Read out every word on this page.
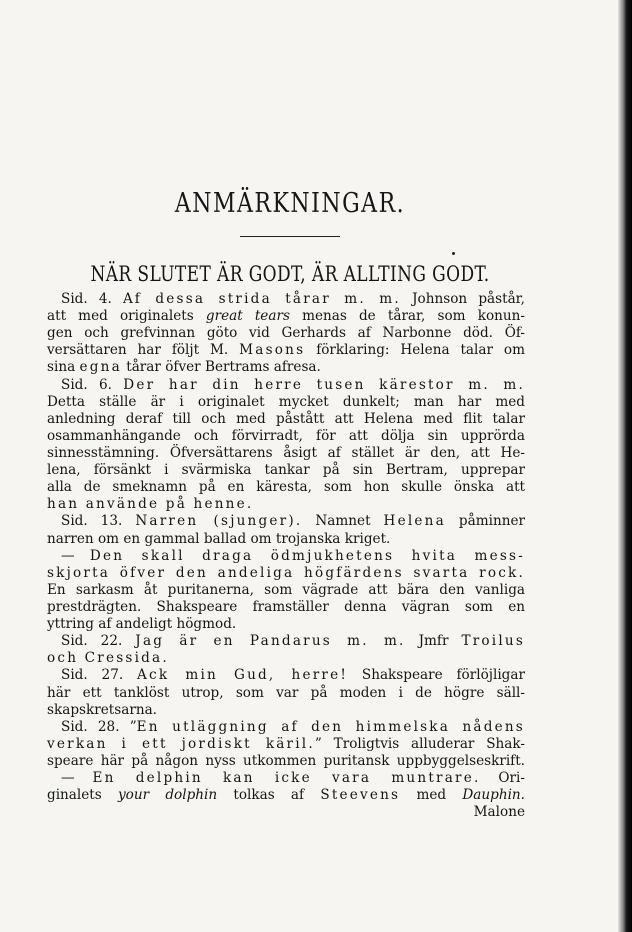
ANMÄRKNINGAR.
NÄR SLUTET ÄR GODT, ÄR ALLTING GODT.
Sid. 4. Af dessa strida tårar m. m. Johnson påstår,
att med originalets great tears menas de tårar, som konun-
gen och grefvinnan göto vid Gerhards af Narbonne död. Öf-
versättaren har följt M. Masons förklaring: Helena talar om
sina egna tårar öfver Bertrams afresa.
Sid. 6. Der har din herre tusen kärestor m. m.
Detta ställe är i originalet mycket dunkelt; man har med
anledning deraf till och med påstått att Helena med flit talar
osammanhängande och förvirradt, för att dölja sin upprörda
sinnesstämning. Öfversättarens åsigt af stället är den, att He-
lena, försänkt i svärmiska tankar på sin Bertram, upprepar
alla de smeknamn på en käresta, som hon skulle önska att
han använde på henne.
Sid. 13. Narren (sjunger). Namnet Helena påminner
narren om en gammal ballad om trojanska kriget.
— Den skall draga ödmjukhetens hvita mess-
skjorta öfver den andeliga högfärdens svarta rock.
En sarkasm åt puritanerna, som vägrade att bära den vanliga
prestdrägten. Shakspeare framställer denna vägran som en
yttring af andeligt högmod.
Sid. 22. Jag är en Pandarus m. m. Jmfr Troilus
och Cressida.
Sid. 27. Ack min Gud, herre! Shakspeare förlöjligar
här ett tanklöst utrop, som var på moden i de högre säll-
skapskretsarna.
Sid. 28. ”En utläggning af den himmelska nådens
verkan i ett jordiskt käril.” Troligtvis alluderar Shak-
speare här på någon nyss utkommen puritansk uppbyggelseskrift.
— En delphin kan icke vara muntrare. Ori-
ginalets your dolphin tolkas af Steevens med Dauphin.
Malone
